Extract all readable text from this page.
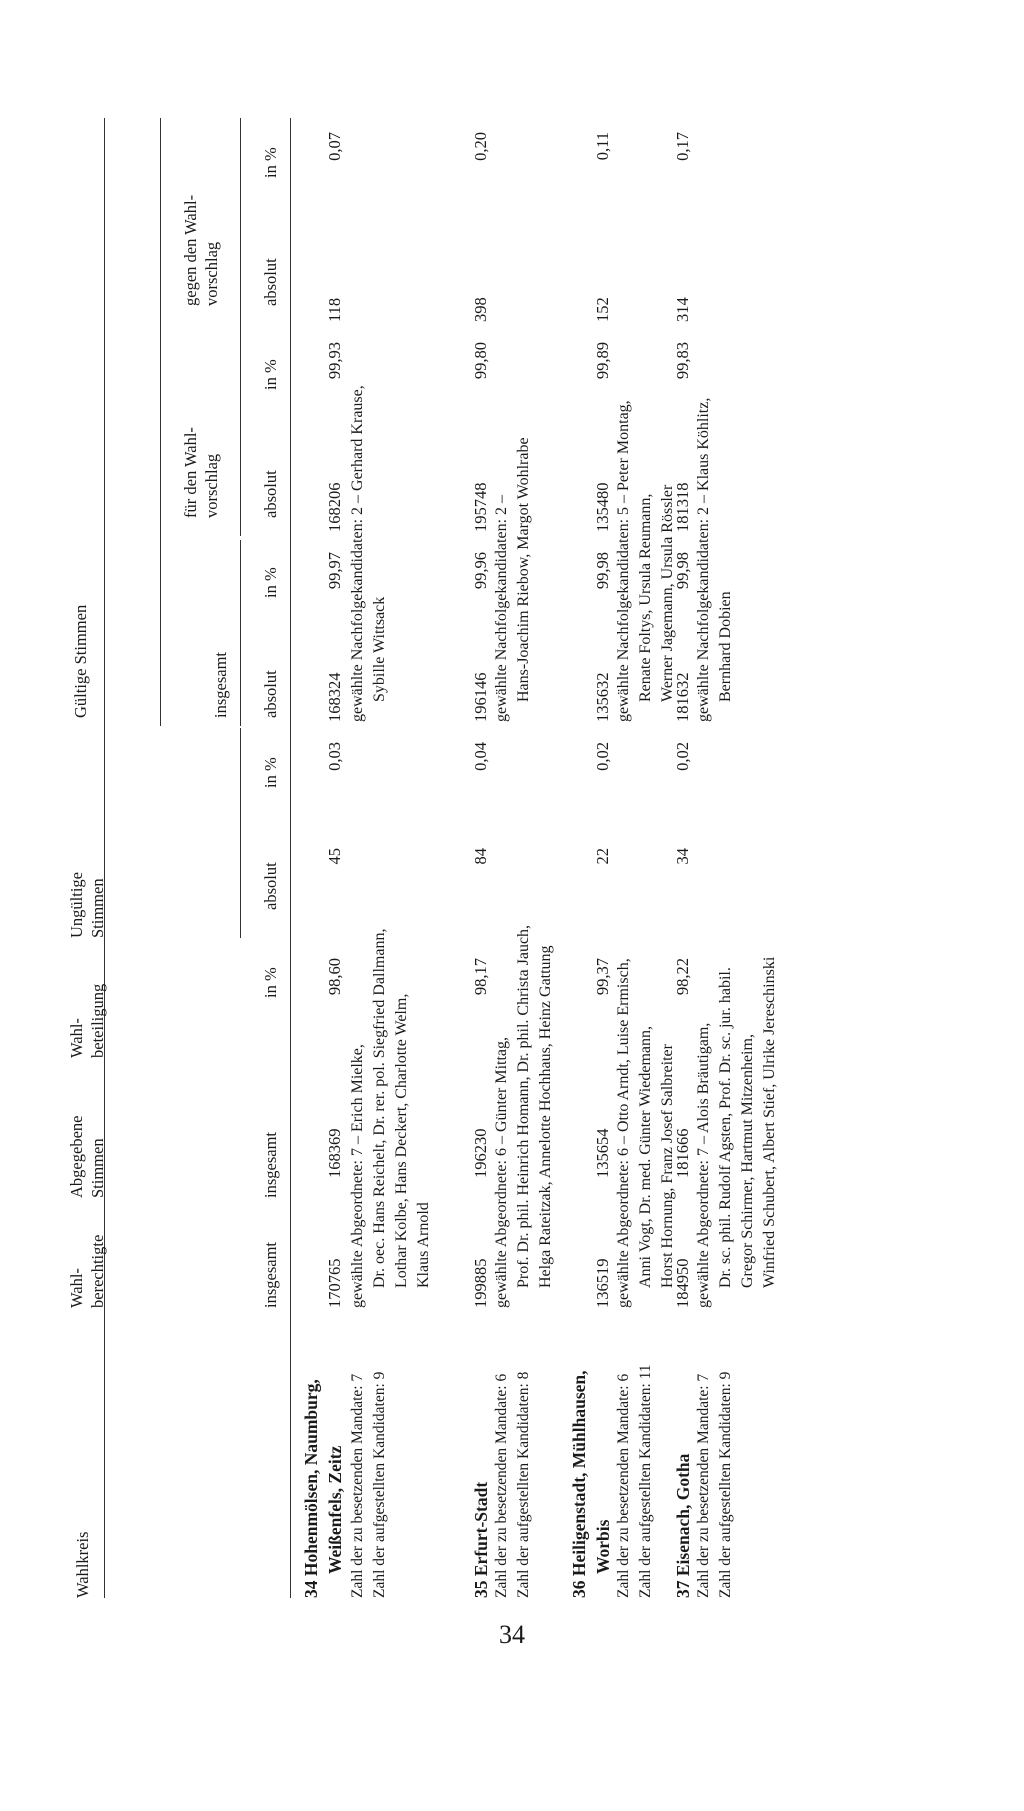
Wahlkreis
Wahl-
berechtigte
Abgegebene
Stimmen
Wahl-
beteiligung
Ungültige
Stimmen
Gültige Stimmen	insgesamt
für den Wahl-
vorschlag
gegen den Wahl-
vorschlag
insgesamt
insgesamt
in %
absolut
in %
absolut
in %
absolut
in %
absolut
in %
34 Hohenmölsen, Naumburg, Weißenfels, Zeitz Zahl der zu besetzenden Mandate: 7 Zahl der aufgestellten Kandidaten: 9
170765
168369
98,60
45
0,03
168324
99,97
168206
99,93
118
0,07
gewählte Abgeordnete: 7 – Erich Mielke, Dr. oec. Hans Reichelt, Dr. rer. pol. Siegfried Dallmann, Lothar Kolbe, Hans Deckert, Charlotte Welm, Klaus Arnold
gewählte Nachfolgekandidaten: 2 – Gerhard Krause, Sybille Wittsack
35 Erfurt-Stadt Zahl der zu besetzenden Mandate: 6 Zahl der aufgestellten Kandidaten: 8
199885
196230
98,17
84
0,04
196146
99,96
195748
99,80
398
0,20
gewählte Abgeordnete: 6 – Günter Mittag, Prof. Dr. phil. Heinrich Homann, Dr. phil. Christa Jauch, Helga Rateitzak, Annelotte Hochhaus, Heinz Gattung
gewählte Nachfolgekandidaten: 2 – Hans-Joachim Riebow, Margot Wohlrabe
36 Heiligenstadt, Mühlhausen, Worbis Zahl der zu besetzenden Mandate: 6 Zahl der aufgestellten Kandidaten: 11
136519
135654
99,37
22
0,02
135632
99,98
135480
99,89
152
0,11
gewählte Abgeordnete: 6 – Otto Arndt, Luise Ermisch, Anni Vogt, Dr. med. Günter Wiedemann, Horst Hornung, Franz Josef Salbreiter
gewählte Nachfolgekandidaten: 5 – Peter Montag, Renate Foltys, Ursula Reumann, Werner Jagemann, Ursula Rössler
37 Eisenach, Gotha Zahl der zu besetzenden Mandate: 7 Zahl der aufgestellten Kandidaten: 9
184950
181666
98,22
34
0,02
181632
99,98
181318
99,83
314
0,17
gewählte Abgeordnete: 7 – Alois Bräutigam, Dr. sc. phil. Rudolf Agsten, Prof. Dr. sc. jur. habil. Gregor Schirmer, Hartmut Mitzenheim, Winfried Schubert, Albert Stief, Ulrike Jereschinski
gewählte Nachfolgekandidaten: 2 – Klaus Köhlitz, Bernhard Dobien
34
